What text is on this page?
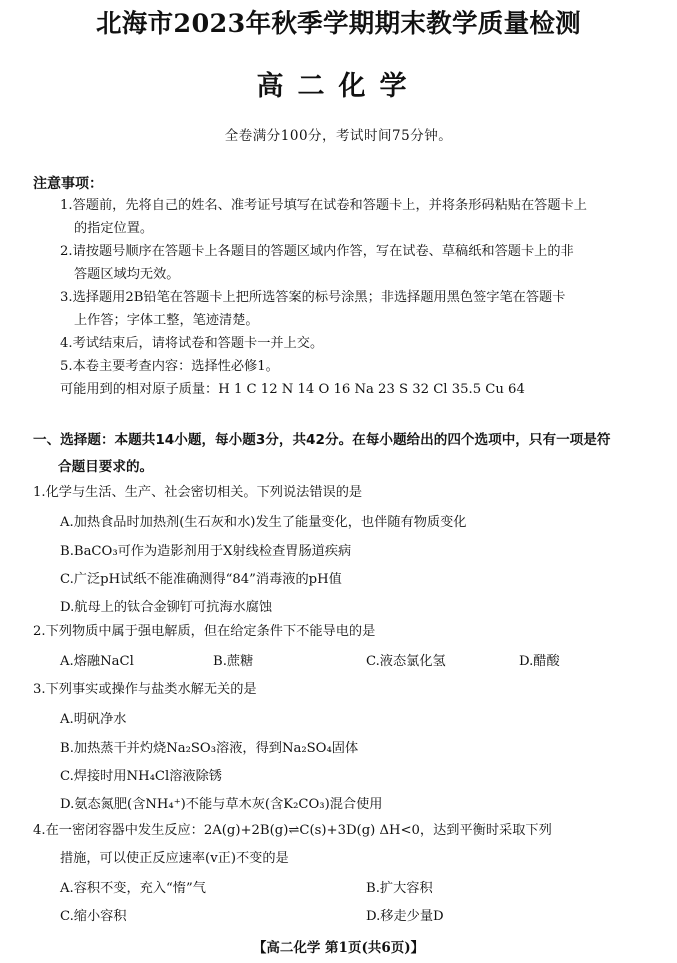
北海市2023年秋季学期期末教学质量检测
高二化学
全卷满分100分，考试时间75分钟。
注意事项：
1.答题前，先将自己的姓名、准考证号填写在试卷和答题卡上，并将条形码粘贴在答题卡上
的指定位置。
2.请按题号顺序在答题卡上各题目的答题区域内作答，写在试卷、草稿纸和答题卡上的非
答题区域均无效。
3.选择题用2B铅笔在答题卡上把所选答案的标号涂黑；非选择题用黑色签字笔在答题卡
上作答；字体工整，笔迹清楚。
4.考试结束后，请将试卷和答题卡一并上交。
5.本卷主要考查内容：选择性必修1。
可能用到的相对原子质量：H 1 C 12 N 14 O 16 Na 23 S 32 Cl 35.5 Cu 64
一、选择题：本题共14小题，每小题3分，共42分。在每小题给出的四个选项中，只有一项是符
合题目要求的。
1.化学与生活、生产、社会密切相关。下列说法错误的是
A.加热食品时加热剂(生石灰和水)发生了能量变化，也伴随有物质变化
B.BaCO₃可作为造影剂用于X射线检查胃肠道疾病
C.广泛pH试纸不能准确测得“84”消毒液的pH值
D.航母上的钛合金铆钉可抗海水腐蚀
2.下列物质中属于强电解质，但在给定条件下不能导电的是
A.熔融NaCl	B.蔗糖	C.液态氯化氢	D.醋酸
3.下列事实或操作与盐类水解无关的是
A.明矾净水
B.加热蒸干并灼烧Na₂SO₃溶液，得到Na₂SO₄固体
C.焊接时用NH₄Cl溶液除锈
D.氨态氮肥(含NH₄⁺)不能与草木灰(含K₂CO₃)混合使用
4.在一密闭容器中发生反应：2A(g)+2B(g)⇌C(s)+3D(g) ΔH<0，达到平衡时采取下列
措施，可以使正反应速率(v正)不变的是
A.容积不变，充入“惰”气	B.扩大容积
C.缩小容积	D.移走少量D
【高二化学 第1页(共6页)】
